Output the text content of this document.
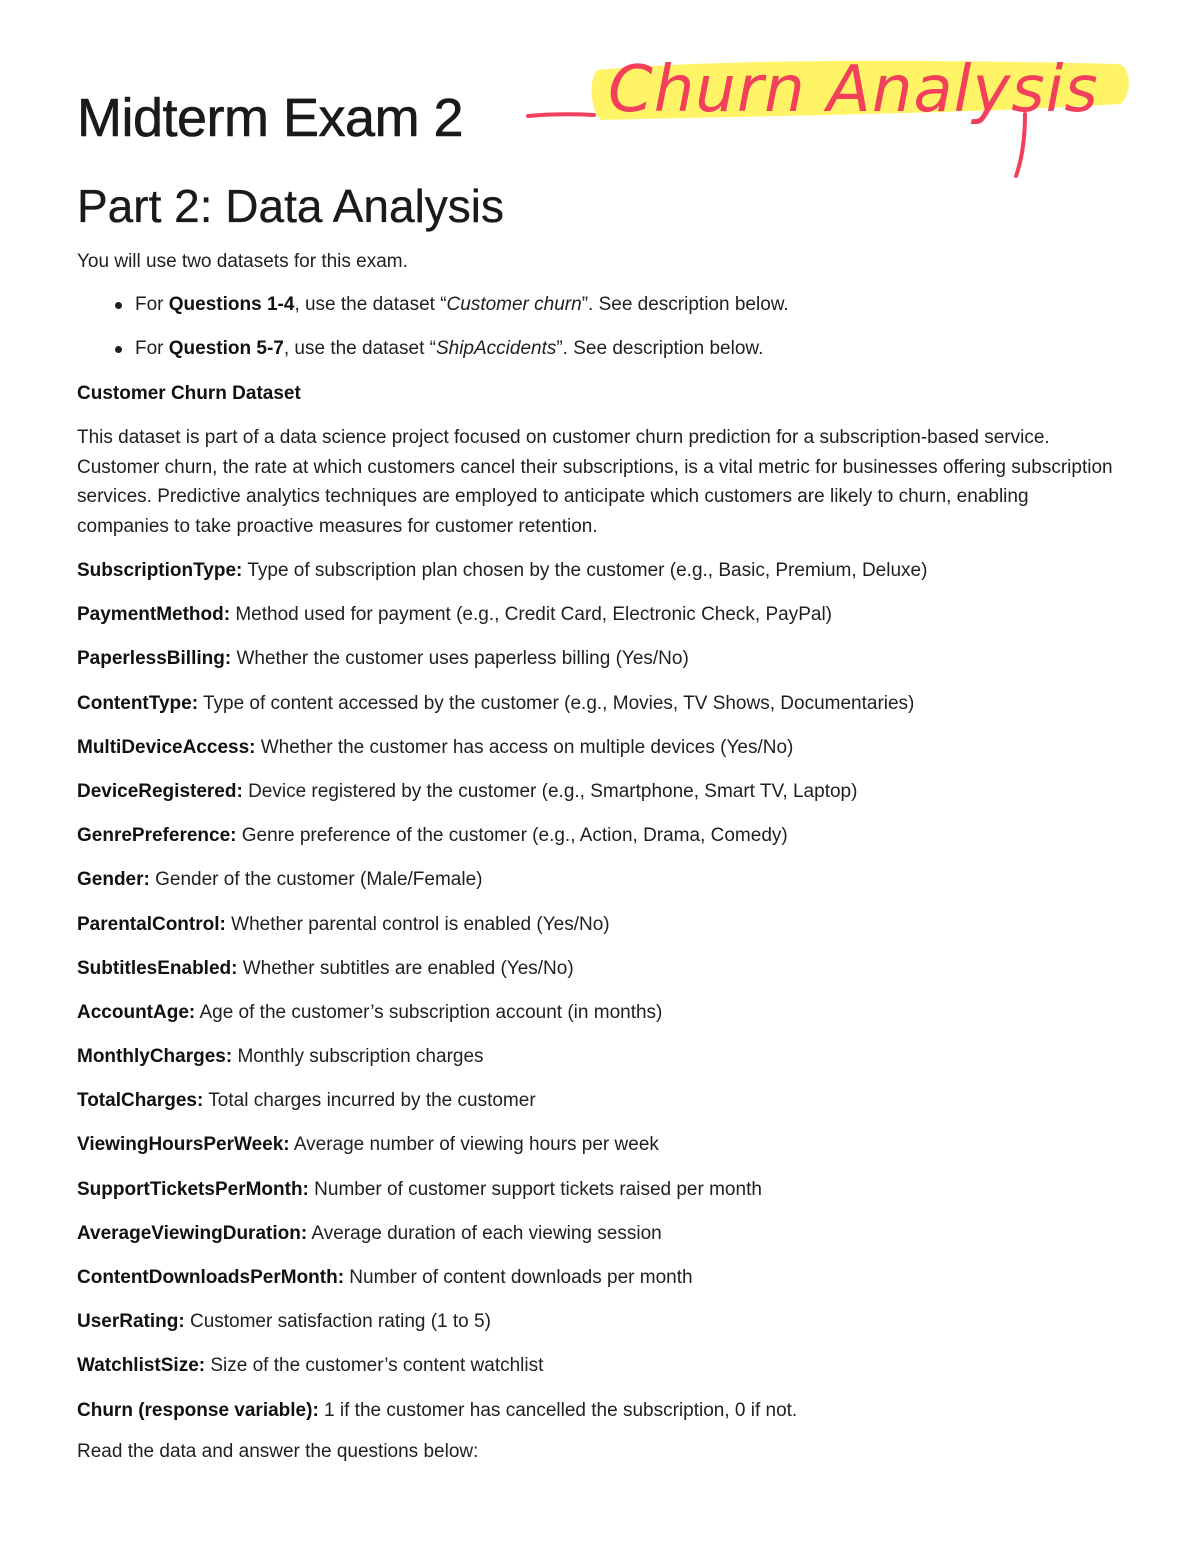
Midterm Exam 2 Churn Analysis
Part 2: Data Analysis
You will use two datasets for this exam.
For Questions 1-4, use the dataset “Customer churn”. See description below.
For Question 5-7, use the dataset “ShipAccidents”. See description below.
Customer Churn Dataset

This dataset is part of a data science project focused on customer churn prediction for a subscription-based service. Customer churn, the rate at which customers cancel their subscriptions, is a vital metric for businesses offering subscription services. Predictive analytics techniques are employed to anticipate which customers are likely to churn, enabling companies to take proactive measures for customer retention.

SubscriptionType: Type of subscription plan chosen by the customer (e.g., Basic, Premium, Deluxe)
PaymentMethod: Method used for payment (e.g., Credit Card, Electronic Check, PayPal)
PaperlessBilling: Whether the customer uses paperless billing (Yes/No)
ContentType: Type of content accessed by the customer (e.g., Movies, TV Shows, Documentaries)
MultiDeviceAccess: Whether the customer has access on multiple devices (Yes/No)
DeviceRegistered: Device registered by the customer (e.g., Smartphone, Smart TV, Laptop)
GenrePreference: Genre preference of the customer (e.g., Action, Drama, Comedy)
Gender: Gender of the customer (Male/Female)
ParentalControl: Whether parental control is enabled (Yes/No)
SubtitlesEnabled: Whether subtitles are enabled (Yes/No)
AccountAge: Age of the customer’s subscription account (in months)
MonthlyCharges: Monthly subscription charges
TotalCharges: Total charges incurred by the customer
ViewingHoursPerWeek: Average number of viewing hours per week
SupportTicketsPerMonth: Number of customer support tickets raised per month
AverageViewingDuration: Average duration of each viewing session
ContentDownloadsPerMonth: Number of content downloads per month
UserRating: Customer satisfaction rating (1 to 5)
WatchlistSize: Size of the customer’s content watchlist
Churn (response variable): 1 if the customer has cancelled the subscription, 0 if not.
Read the data and answer the questions below:
